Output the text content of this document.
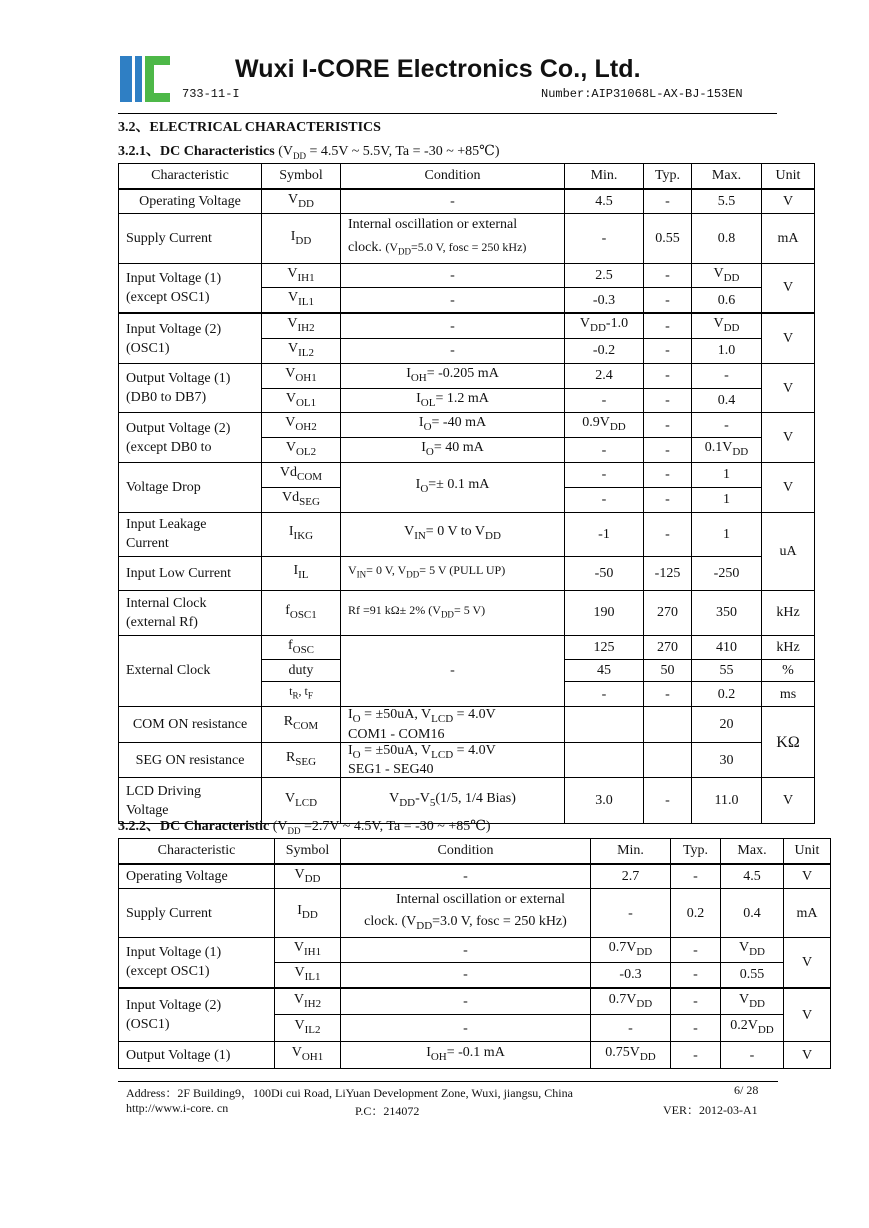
Wuxi I-CORE Electronics Co., Ltd.
733-11-I	Number:AIP31068L-AX-BJ-153EN
3.2、ELECTRICAL CHARACTERISTICS
3.2.1、DC Characteristics ($V_{DD} = 4.5V$ ~ 5.5V, Ta = -30 ~ +85℃)
Characteristic	Symbol	Condition	Min.	Typ.	Max.	Unit
Operating Voltage	$V_{DD}$	-	4.5	-	5.5	V
Supply Current	$I_{DD}$	Internal oscillation or external
clock. ($V_{DD}=5.0$ V, fosc = 250 kHz)	-	0.55	0.8	mA
Input Voltage (1)
(except OSC1)	$V_{IH1}$	-	2.5	-	$V_{DD}$	V
	$V_{IL1}$	-	-0.3	-	0.6	
Input Voltage (2)
(OSC1)	$V_{IH2}$	-	$V_{DD}-1.0$	-	$V_{DD}$	V
	$V_{IL2}$	-	-0.2	-	1.0	
Output Voltage (1)
(DB0 to DB7)	$V_{OH1}$	$I_{OH}= -0.205$ mA	2.4	-	-	V
	$V_{OL1}$	$I_{OL}= 1.2$ mA	-	-	0.4	
Output Voltage (2)
(except DB0 to	$V_{OH2}$	$I_O= -40$ mA	$0.9V_{DD}$	-	-	V
	$V_{OL2}$	$I_O= 40$ mA	-	-	$0.1V_{DD}$
Voltage Drop	$Vd_{COM}$	$I_O=\pm 0.1$ mA	-	-	1	V
	$Vd_{SEG}$		-	-	1	
Input Leakage
Current	$I_{IKG}$	$V_{IN}= 0$ V to $V_{DD}$	-1	-	1	uA
Input Low Current	$I_{IL}$	$V_{IN}= 0$ V, $V_{DD}= 5$ V (PULL UP)	-50	-125	-250	
Internal Clock
(external Rf)	$f_{OSC1}$	Rf =91 kΩ± 2% ($V_{DD}= 5$ V)	190	270	350	kHz
External Clock	$f_{OSC}$	-	125	270	410	kHz
	duty		45	50	55	%
	$t_R$, $t_F$		-	-	0.2	ms
COM ON resistance	$R_{COM}$	$I_O = \pm 50uA$, $V_{LCD} = 4.0V$
COM1 - COM16			20	KΩ
SEG ON resistance	$R_{SEG}$	$I_O = \pm 50uA$, $V_{LCD} = 4.0V$
SEG1 - SEG40			30	
LCD Driving
Voltage	$V_{LCD}$	$V_{DD}-V_5(1/5$, 1/4 Bias)	3.0	-	11.0	V
3.2.2、DC Characteristic ($V_{DD} =2.7V$ ~ 4.5V, Ta = -30 ~ +85℃)
Characteristic	Symbol	Condition	Min.	Typ.	Max.	Unit
Operating Voltage	$V_{DD}$	-	2.7	-	4.5	V
Supply Current	$I_{DD}$	Internal oscillation or external
clock. ($V_{DD}=3.0$ V, fosc = 250 kHz)	-	0.2	0.4	mA
Input Voltage (1)
(except OSC1)	$V_{IH1}$	-	$0.7V_{DD}$	-	$V_{DD}$	V
	$V_{IL1}$	-	-0.3	-	0.55	
Input Voltage (2)
(OSC1)	$V_{IH2}$	-	$0.7V_{DD}$	-	$V_{DD}$	V
	$V_{IL2}$	-	-	-	$0.2V_{DD}$
Output Voltage (1)	$V_{OH1}$	$I_{OH}= -0.1$ mA	$0.75V_{DD}$	-	-	V
Address：2F Building9，100Di cui Road, LiYuan Development Zone, Wuxi, jiangsu, China	6/ 28
http://www.i-core. cn	P.C：214072	VER：2012-03-A1
